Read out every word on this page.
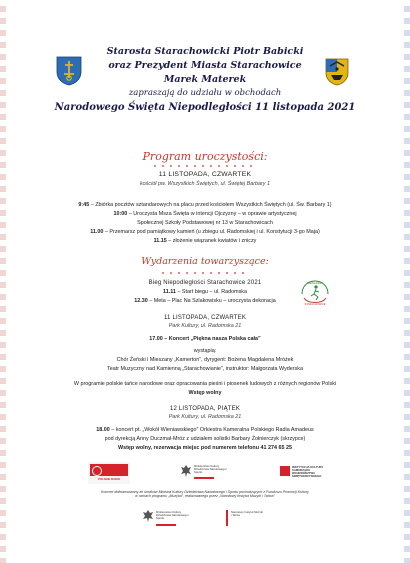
Starosta Starachowicki Piotr Babicki
oraz Prezydent Miasta Starachowice
Marek Materek
zapraszają do udziału w obchodach
Narodowego Święta Niepodległości 11 listopada 2021
Program uroczystości:
11 LISTOPADA, CZWARTEK
kościół pw. Wszystkich Świętych, ul. Świętej Barbary 1
9:45 – Zbiórka pocztów sztandarowych na placu przed kościołem Wszystkich Świętych (ul. Św. Barbary 1)
10:00 – Uroczysta Msza Święta w intencji Ojczyzny – w oprawie artystycznej
Społecznej Szkoły Podstawowej nr 13 w Starachowicach
11.00 – Przemarsz pod pamiątkowy kamień (u zbiegu ul. Radomskiej i ul. Konstytucji 3-go Maja)
11.15 – złożenie wiązanek kwiatów i zniczy
Wydarzenia towarzyszące:
Bieg Niepodległości Starachowice 2021
11.11 – Start biegu – ul. Radomska
12.30 – Meta – Plac Na Szlakowisku – uroczysta dekoracja
NIEZALEŻNA
STARACHOWICE
11 LISTOPADA, CZWARTEK
Park Kultury, ul. Radomska 21
17.00 – Koncert „Piękna nasza Polska cała”
wystąpią:
Chór Żeński i Mieszany „Kamerton”, dyrygent: Bożena Magdalena Mróżek
Teatr Muzyczny nad Kamienną „Starachowianie”, instruktor: Małgorzata Wyderska
W programie polskie tańce narodowe oraz opracowania pieśni i piosenek ludowych z różnych regionów Polski
Wstęp wolny
12 LISTOPADA, PIĄTEK
Park Kultury, ul. Radomska 21
18.00 – koncert pt. „Wokół Wieniawskiego” Orkiestra Kameralna Polskiego Radia Amadeus
pod dyrekcją Anny Duczmal-Mróz z udziałem solistki Barbary Żołnierczyk (skrzypce)
Wstęp wolny, rezerwacja miejsc pod numerem telefonu 41 274 65 25
POLSKIE RADIO
Ministerstwo Kultury, Dziedzictwa Narodowego i Sportu.
INSTYTUCJA KULTURY SAMORZĄDU WOJEWÓDZTWA ŚWIĘTOKRZYSKIEGO
Koncert dofinansowany ze środków Ministra Kultury Dziedzictwa Narodowego i Sportu pochodzących z Funduszu Promocji Kultury
w ramach programu „Muzyka”, realizowanego przez „Narodowy Instytut Muzyki i Tańca”
Ministerstwo Kultury, Dziedzictwa Narodowego i Sportu.
Narodowy Instytut Muzyki i Tańca
